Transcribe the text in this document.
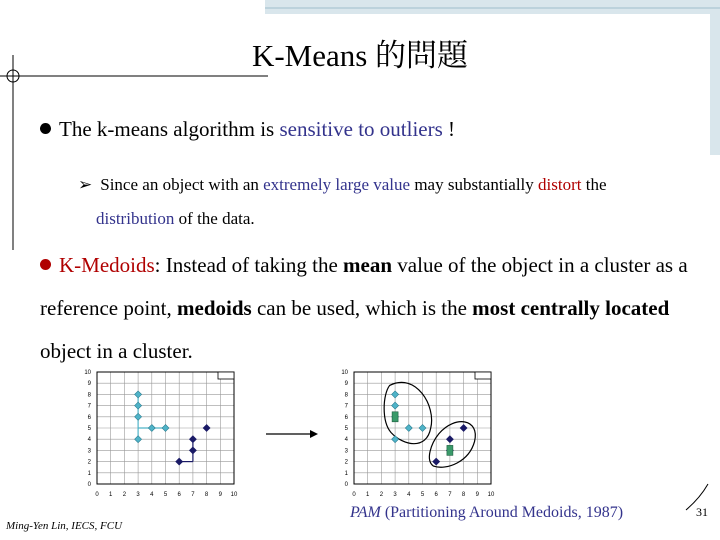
K-Means 的問題
The k-means algorithm is sensitive to outliers !
➢ Since an object with an extremely large value may substantially distort the
distribution of the data.
K-Medoids: Instead of taking the mean value of the object in a cluster as a reference point, medoids can be used, which is the most centrally located object in a cluster.
0 1 2 3 4 5 6 7 8 9 10
0
1
2
3
4
5
6
7
8
9
10
0 1 2 3 4 5 6 7 8 9 10
0
1
2
3
4
5
6
7
8
9
10
PAM (Partitioning Around Medoids, 1987)
Ming-Yen Lin, IECS, FCU
31
